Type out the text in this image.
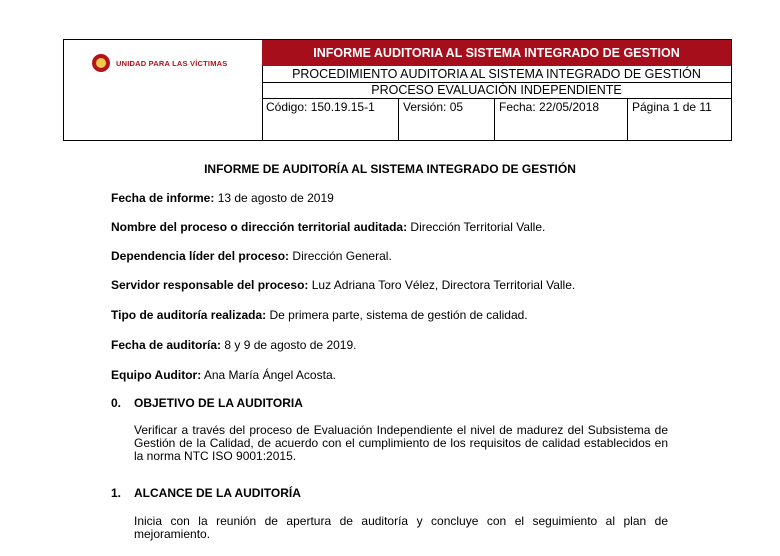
UNIDAD PARA LAS VÍCTIMAS
INFORME AUDITORIA AL SISTEMA INTEGRADO DE GESTION
PROCEDIMIENTO AUDITORIA AL SISTEMA INTEGRADO DE GESTIÓN
PROCESO EVALUACIÒN INDEPENDIENTE
Código: 150.19.15-1	Versión: 05	Fecha: 22/05/2018	Página 1 de 11
INFORME DE AUDITORÍA AL SISTEMA INTEGRADO DE GESTIÓN
Fecha de informe: 13 de agosto de 2019
Nombre del proceso o dirección territorial auditada: Dirección Territorial Valle.
Dependencia líder del proceso: Dirección General.
Servidor responsable del proceso: Luz Adriana Toro Vélez, Directora Territorial Valle.
Tipo de auditoría realizada: De primera parte, sistema de gestión de calidad.
Fecha de auditoría: 8 y 9 de agosto de 2019.
Equipo Auditor: Ana María Ángel Acosta.
0. OBJETIVO DE LA AUDITORIA
Verificar a través del proceso de Evaluación Independiente el nivel de madurez del Subsistema de Gestión de la Calidad, de acuerdo con el cumplimiento de los requisitos de calidad establecidos en la norma NTC ISO 9001:2015.
1. ALCANCE DE LA AUDITORÍA
Inicia con la reunión de apertura de auditoría y concluye con el seguimiento al plan de mejoramiento.
